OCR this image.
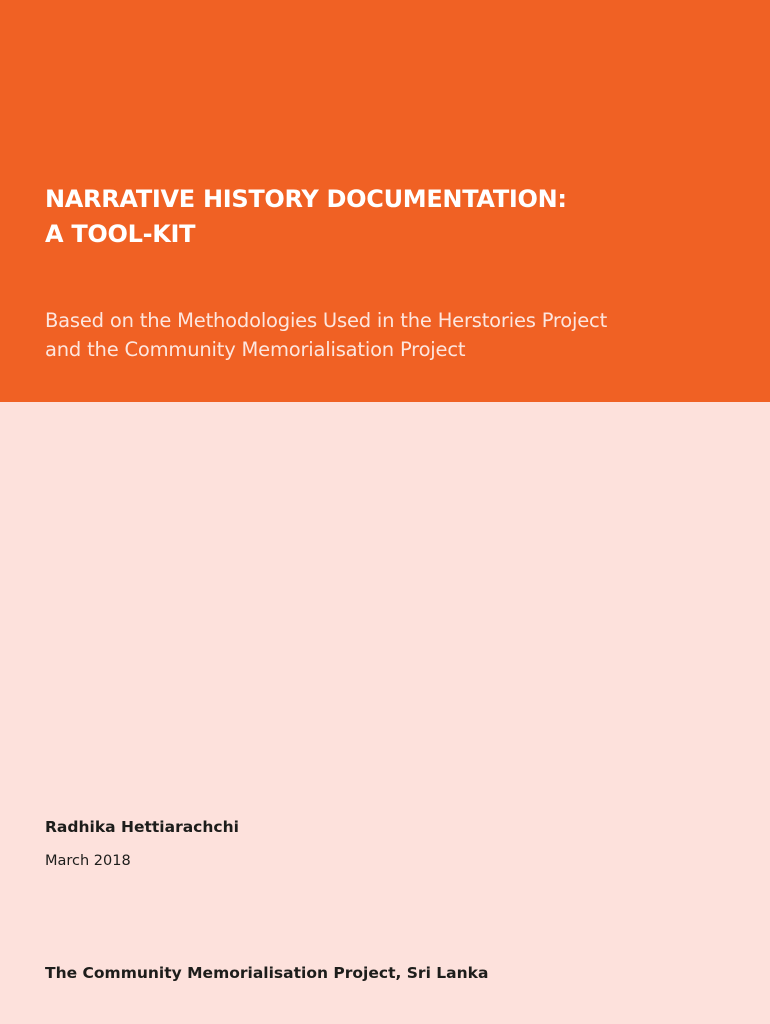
NARRATIVE HISTORY DOCUMENTATION:
A TOOL-KIT
Based on the Methodologies Used in the Herstories Project
and the Community Memorialisation Project

Radhika Hettiarachchi

March 2018

The Community Memorialisation Project, Sri Lanka
